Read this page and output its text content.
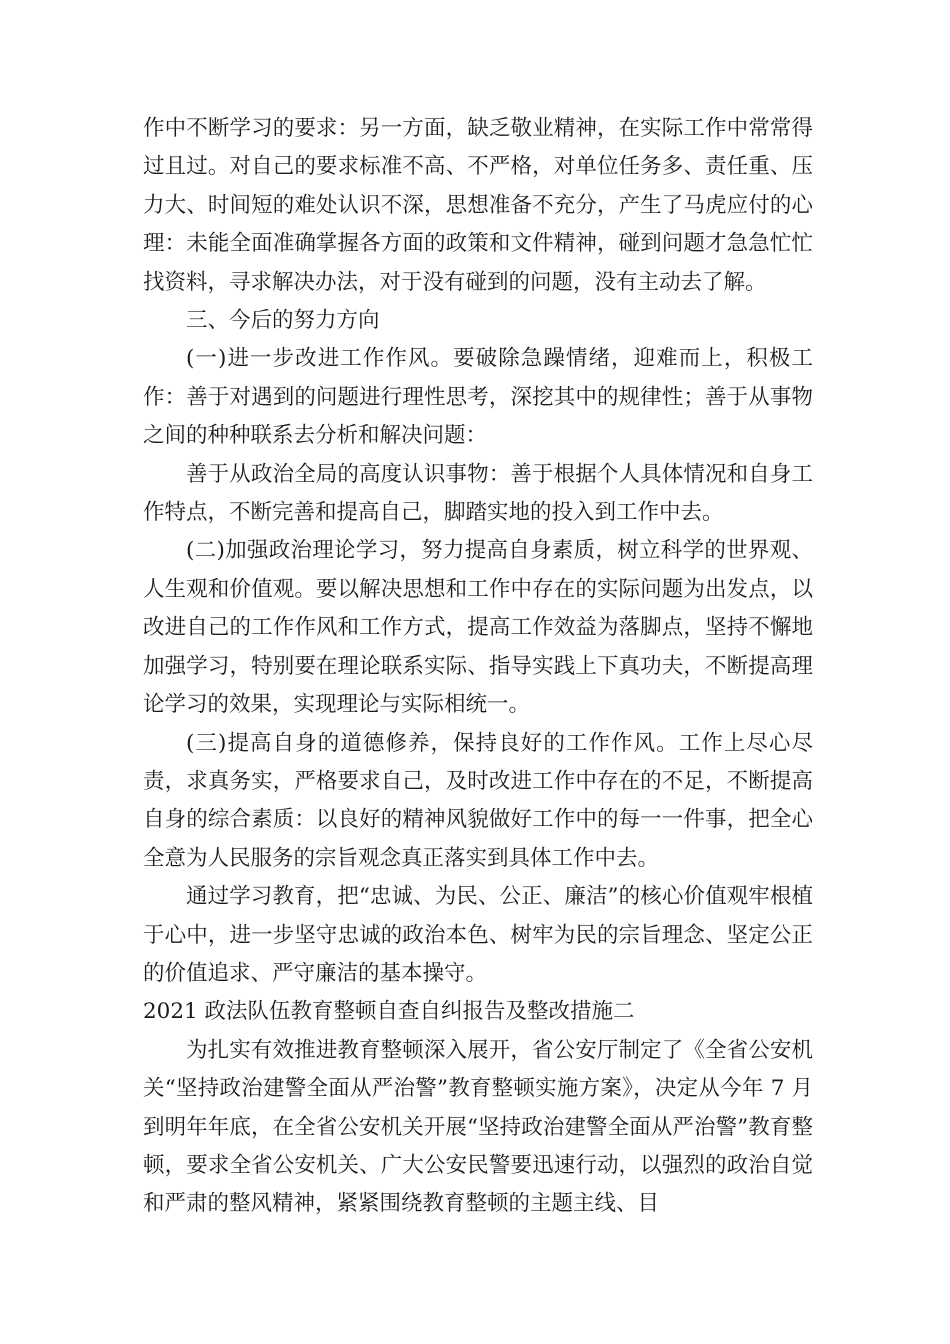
作中不断学习的要求：另一方面，缺乏敬业精神，在实际工作中常常得过且过。对自己的要求标准不高、不严格，对单位任务多、责任重、压力大、时间短的难处认识不深，思想准备不充分，产生了马虎应付的心理：未能全面准确掌握各方面的政策和文件精神，碰到问题才急急忙忙找资料，寻求解决办法，对于没有碰到的问题，没有主动去了解。

三、今后的努力方向

(一)进一步改进工作作风。要破除急躁情绪，迎难而上，积极工作：善于对遇到的问题进行理性思考，深挖其中的规律性；善于从事物之间的种种联系去分析和解决问题：

善于从政治全局的高度认识事物：善于根据个人具体情况和自身工作特点，不断完善和提高自己，脚踏实地的投入到工作中去。

(二)加强政治理论学习，努力提高自身素质，树立科学的世界观、人生观和价值观。要以解决思想和工作中存在的实际问题为出发点，以改进自己的工作作风和工作方式，提高工作效益为落脚点，坚持不懈地加强学习，特别要在理论联系实际、指导实践上下真功夫，不断提高理论学习的效果，实现理论与实际相统一。

(三)提高自身的道德修养，保持良好的工作作风。工作上尽心尽责，求真务实，严格要求自己，及时改进工作中存在的不足，不断提高自身的综合素质：以良好的精神风貌做好工作中的每一一件事，把全心全意为人民服务的宗旨观念真正落实到具体工作中去。

通过学习教育，把“忠诚、为民、公正、廉洁”的核心价值观牢根植于心中，进一步坚守忠诚的政治本色、树牢为民的宗旨理念、坚定公正的价值追求、严守廉洁的基本操守。

2021 政法队伍教育整顿自查自纠报告及整改措施二

为扎实有效推进教育整顿深入展开，省公安厅制定了《全省公安机关“坚持政治建警全面从严治警”教育整顿实施方案》，决定从今年 7 月到明年年底，在全省公安机关开展“坚持政治建警全面从严治警”教育整顿，要求全省公安机关、广大公安民警要迅速行动，以强烈的政治自觉和严肃的整风精神，紧紧围绕教育整顿的主题主线、目
